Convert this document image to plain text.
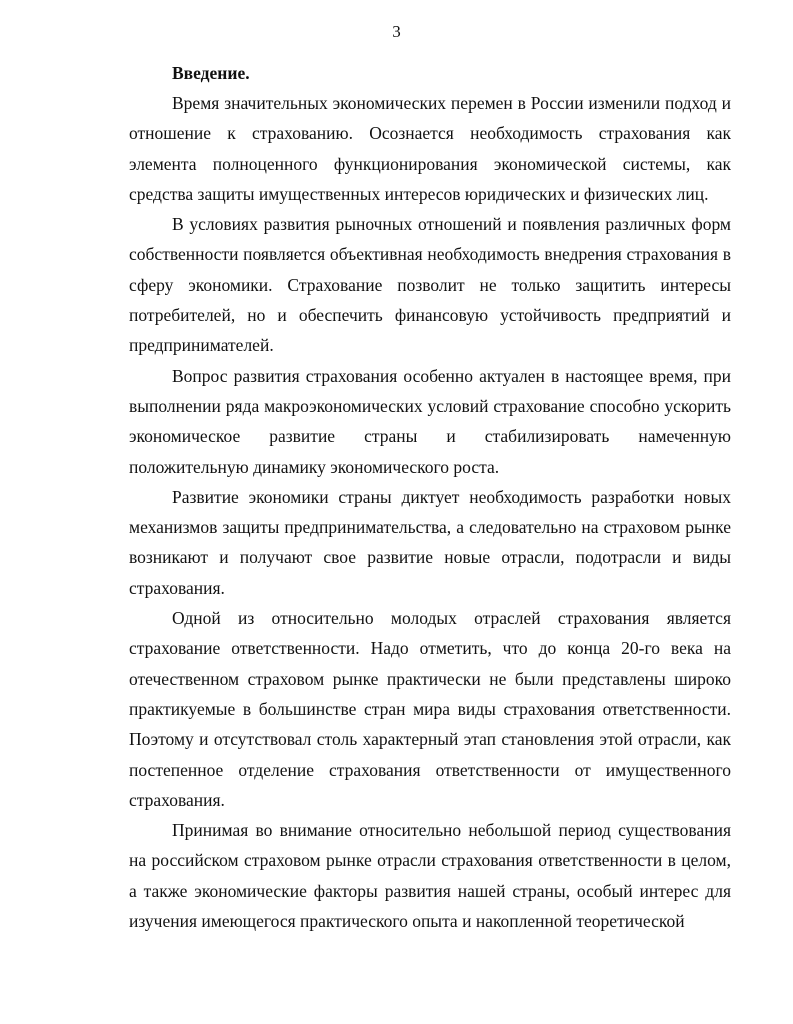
3
Введение.

Время значительных экономических перемен в России изменили подход и отношение к страхованию. Осознается необходимость страхования как элемента полноценного функционирования экономической системы, как средства защиты имущественных интересов юридических и физических лиц.

В условиях развития рыночных отношений и появления различных форм собственности появляется объективная необходимость внедрения страхования в сферу экономики. Страхование позволит не только защитить интересы потребителей, но и обеспечить финансовую устойчивость предприятий и предпринимателей.

Вопрос развития страхования особенно актуален в настоящее время, при выполнении ряда макроэкономических условий страхование способно ускорить экономическое развитие страны и стабилизировать намеченную положительную динамику экономического роста.

Развитие экономики страны диктует необходимость разработки новых механизмов защиты предпринимательства, а следовательно на страховом рынке возникают и получают свое развитие новые отрасли, подотрасли и виды страхования.

Одной из относительно молодых отраслей страхования является страхование ответственности. Надо отметить, что до конца 20-го века на отечественном страховом рынке практически не были представлены широко практикуемые в большинстве стран мира виды страхования ответственности. Поэтому и отсутствовал столь характерный этап становления этой отрасли, как постепенное отделение страхования ответственности от имущественного страхования.

Принимая во внимание относительно небольшой период существования на российском страховом рынке отрасли страхования ответственности в целом, а также экономические факторы развития нашей страны, особый интерес для изучения имеющегося практического опыта и накопленной теоретической
